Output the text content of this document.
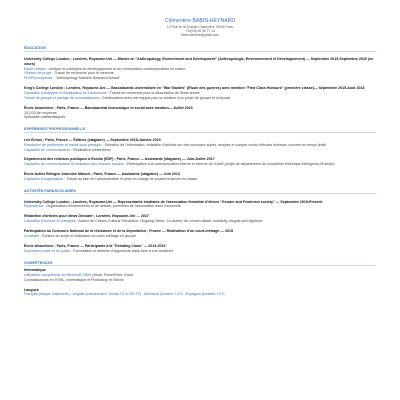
Clémentine BABIN-HEYNARD
12 Rue de la Grande Chaumière 75006 Paris
+33(0)6 30 36 77 14
hbclementine@gmail.com
ÉDUCATION
University College London ; Londres, Royaume-Uni — Master en "Anthropology, Environment and Development" (Anthropologie, Environnement et Développement) — Septembre 2019-Septembre 2020 (en cours)
Esprit critique : Analyse et politiques du développement et de conservation contemporaines en classe
Gestion de projet : Travail de recherche pour le mémoire
Prix/Récompense : "Anthropology Masters Research Award"
King's College London ; Londres, Royaume-Uni — Baccalauréat universitaire en "War Studies" (Étude des guerres) avec mention "First Class Honours" (première classe)— Septembre 2015-Août 2018
Capacités d'analyses et d'adaptation et d'autonomie : Travail de recherche pour la dissertation de 3ème année
Travail de groupe et partage de connaissances : Collaboration avec une équipe pour la création d'un projet de groupe et d'exposé
École Alsacienne ; Paris, France — Baccalauréat économique et social avec mention— Juillet 2015
15,2/20 de moyenne
Spécialité mathématiques
EXPÉRIENCE PROFESSIONNELLE
Les Échos ; Paris, France — Éditrice (stagiaire) — Septembre 2018-Janvier 2019
Résolution de problèmes et travail sous pression : Sélection de l'information, rédaction d'articles sur des nouveaux sujets, analyse et compte-rendu d'études diverses, souvent en temps limité
Capacités de communication : Réalisation d'interviews
Département des relations publiques à Esedio (EDF) ; Paris, France — Assistante (stagiaire) — Juin-Juillet 2017
Capacités de communication et utilisation des réseaux sociaux : Participation à la communication interne et externe de l'Unité (projet de département de complexes électrique intelligents d'Esedio)
École Active Bilingue Jeannine Manuel ; Paris, France — Assistante (stagiaire) — Juin 2013
Capacités d'organisation : Travail au sein de l'administration et prise en charge de plusieurs tâches en classe
ACTIVITÉS PARASCOLAIRES
University College London ; Londres, Royaume-Uni — Représentante étudiante de l'association féministe d'élèves "Gender and Feminism society" — Septembre 2019-Présent
Polyvalence : Organisation d'événements et de débats, promotion de l'association dans l'université
Rédaction d'articles pour News Decoder ; Londres, Royaume-Uni — 2017
Capacités d'écriture et d'analyse : Auteur de China's Cultural Revolution: Ongoing Taboo. Co-auteur de London attack: solidarity, disgust and vigilance
Participation au Concours National de la résistance et de la déportation ; France — Réalisation d'un court-métrage — 2015
Créativité : Écriture du script et réalisation du court-métrage en groupe
École Alsacienne ; Paris, France — Participante à la "Debating Class" — 2013-2015
Expression orale et en public : Formulation et défense d'arguments clairs face à une audience
COMPÉTENCES
Informatique
Utilisatrice compétente de Microsoft Office (Word, PowerPoint, Excel
Connaissances en HTML, informatique et Photoshop et iMovie
Langues
Français (langue maternelle) ; Anglais (couramment, niveau C2 à l'IELTS) ; Allemand (scolaire, LV2) ; Espagnol (scolaire, LV3)
